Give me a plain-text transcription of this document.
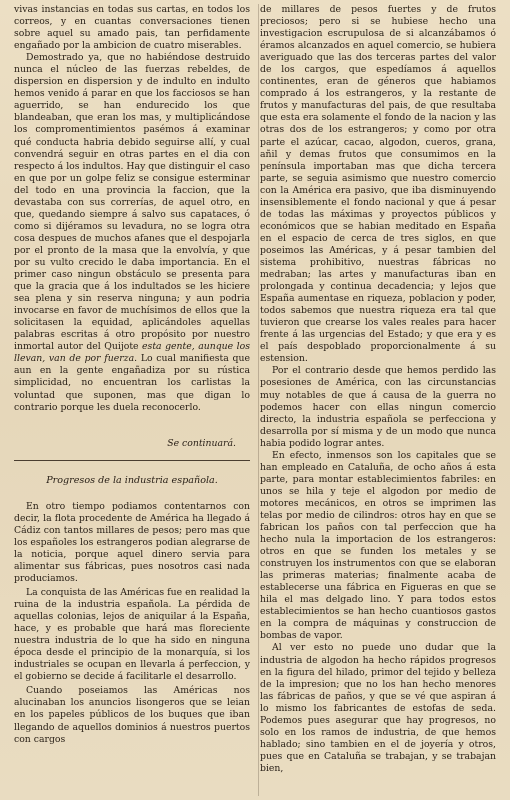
vivas instancias en todas sus cartas, en todos los correos, y en cuantas conversaciones tienen sobre aquel su amado pais, tan perfidamente engañado por la ambicion de cuatro miserables.

Demostrado ya, que no habiéndose destruido nunca el núcleo de las fuerzas rebeldes, de dispersion en dispersion y de indulto en indulto hemos venido á parar en que los facciosos se han aguerrido, se han endurecido los que blandeaban, que eran los mas, y multiplicándose los compromentimientos pasémos á examinar qué conducta habria debido seguirse allí, y cual convendrá seguir en otras partes en el dia con respecto á los indultos. Hay que distinguir el caso en que por un golpe feliz se consigue esterminar del todo en una provincia la faccion, que la devastaba con sus correrías, de aquel otro, en que, quedando siempre á salvo sus capataces, ó como si dijéramos su levadura, no se logra otra cosa despues de muchos afanes que el despojarla por el pronto de la masa que la envolvía, y que por su vulto crecido le daba importancia. En el primer caso ningun obstáculo se presenta para que la gracia que á los indultados se les hiciere sea plena y sin reserva ninguna; y aun podria invocarse en favor de muchísimos de ellos que la solicitasen la equidad, aplicándoles aquellas palabras escritas á otro propósito por nuestro inmortal autor del Quijote esta gente, aunque los llevan, van de por fuerza. Lo cual manifiesta que aun en la gente engañadiza por su rústica simplicidad, no encuentran los carlistas la voluntad que suponen, mas que digan lo contrario porque les duela reconocerlo.

Se continuará.
Progresos de la industria española.

En otro tiempo podiamos contentarnos con decir, la flota procedente de América ha llegado á Cádiz con tantos millares de pesos; pero mas que los españoles los estrangeros podian alegrarse de la noticia, porque aquel dinero servia para alimentar sus fábricas, pues nosotros casi nada produciamos.

La conquista de las Américas fue en realidad la ruina de la industria española. La pérdida de aquellas colonias, lejos de aniquilar á la España, hace, y es probable que hará mas floreciente nuestra industria de lo que ha sido en ninguna época desde el principio de la monarquía, si los industriales se ocupan en llevarla á perfeccion, y el gobierno se decide á facilitarle el desarrollo.

Cuando poseiamos las Américas nos alucinaban los anuncios lisongeros que se leian en los papeles públicos de los buques que iban llegando de aquellos dominios á nuestros puertos con cargos

de millares de pesos fuertes y de frutos preciosos; pero si se hubiese hecho una investigacion escrupulosa de si alcanzábamos ó éramos alcanzados en aquel comercio, se hubiera averiguado que las dos terceras partes del valor de los cargos, que espedíamos á aquellos continentes, eran de géneros que habiamos comprado á los estrangeros, y la restante de frutos y manufacturas del pais, de que resultaba que esta era solamente el fondo de la nacion y las otras dos de los estrangeros; y como por otra parte el azúcar, cacao, algodon, cueros, grana, añil y demas frutos que consumimos en la península importaban mas que dicha tercera parte, se seguia asimismo que nuestro comercio con la América era pasivo, que iba disminuyendo insensiblemente el fondo nacional y que á pesar de todas las máximas y proyectos públicos y económicos que se habian meditado en España en el espacio de cerca de tres siglos, en que poseimos las Américas, y á pesar tambien del sistema prohibitivo, nuestras fábricas no medraban; las artes y manufacturas iban en prolongada y continua decadencia; y lejos que España aumentase en riqueza, poblacion y poder, todos sabemos que nuestra riqueza era tal que tuvieron que crearse los vales reales para hacer frente á las urgencias del Estado; y que era y es el país despoblado proporcionalmente á su estension.

Por el contrario desde que hemos perdido las posesiones de América, con las circunstancias muy notables de que á causa de la guerra no podemos hacer con ellas ningun comercio directo, la industria española se perfecciona y desarrolla por sí misma y de un modo que nunca habia podido lograr antes.

En efecto, inmensos son los capitales que se han empleado en Cataluña, de ocho años á esta parte, para montar establecimientos fabriles: en unos se hila y teje el algodon por medio de motores mecánicos, en otros se imprimen las telas por medio de cilindros: otros hay en que se fabrican los paños con tal perfeccion que ha hecho nula la importacion de los estrangeros: otros en que se funden los metales y se construyen los instrumentos con que se elaboran las primeras materias; finalmente acaba de establecerse una fábrica en Figueras en que se hila el mas delgado lino. Y para todos estos establecimientos se han hecho cuantiosos gastos en la compra de máquinas y construccion de bombas de vapor.

Al ver esto no puede uno dudar que la industria de algodon ha hecho rápidos progresos en la figura del hilado, primor del tejido y belleza de la impresion; que no los han hecho menores las fábricas de paños, y que se vé que aspiran á lo mismo los fabricantes de estofas de seda. Podemos pues asegurar que hay progresos, no solo en los ramos de industria, de que hemos hablado; sino tambien en el de joyería y otros, pues que en Cataluña se trabajan, y se trabajan bien,
